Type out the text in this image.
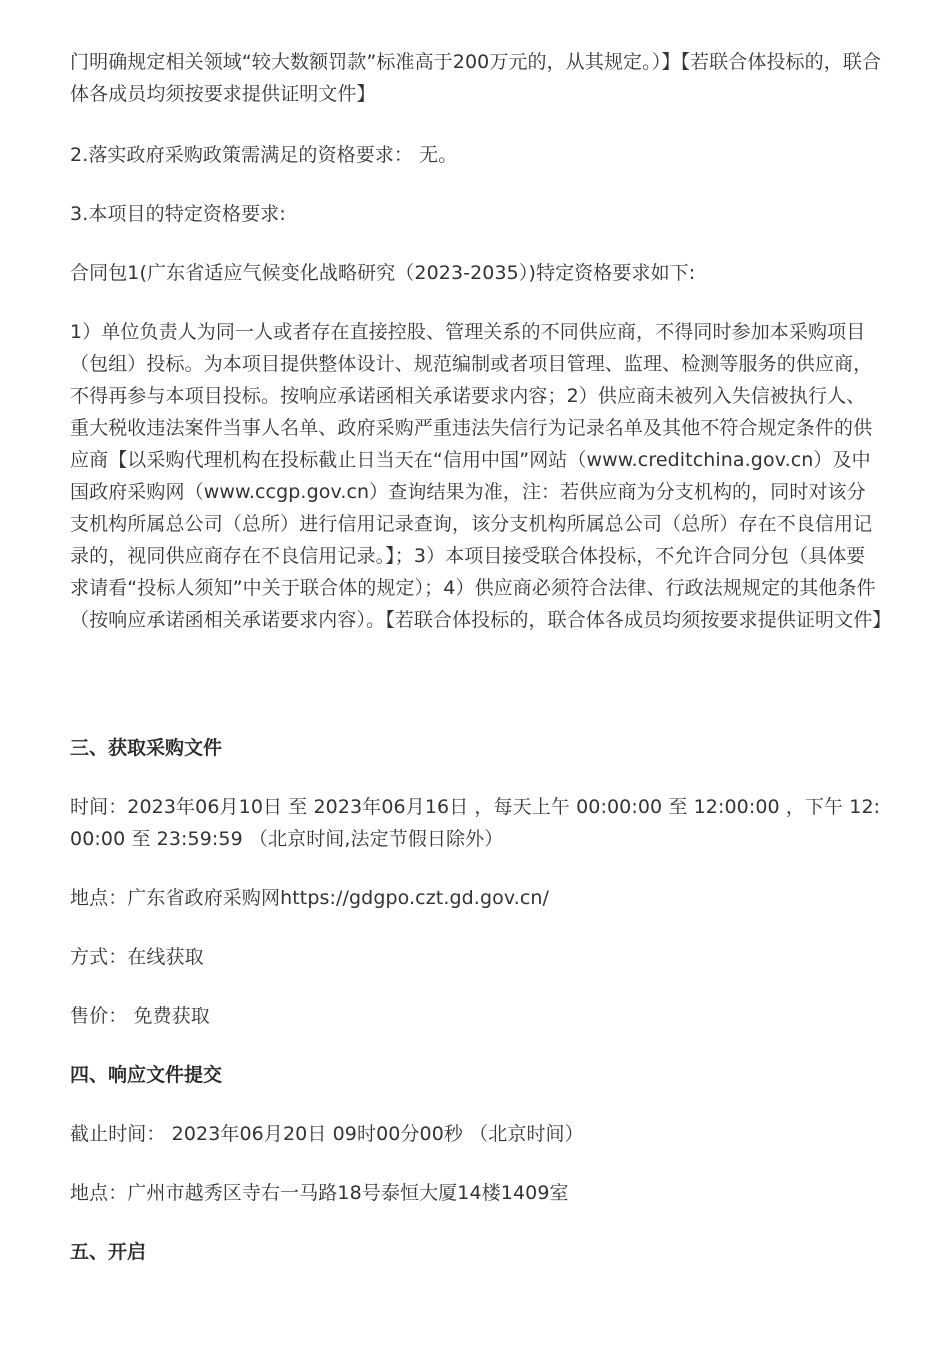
门明确规定相关领域“较大数额罚款”标准高于200万元的，从其规定。）】【若联合体投标的，联合体各成员均须按要求提供证明文件】

2.落实政府采购政策需满足的资格要求： 无。

3.本项目的特定资格要求:

合同包1(广东省适应气候变化战略研究（2023-2035）)特定资格要求如下:

1）单位负责人为同一人或者存在直接控股、管理关系的不同供应商，不得同时参加本采购项目（包组）投标。为本项目提供整体设计、规范编制或者项目管理、监理、检测等服务的供应商，不得再参与本项目投标。按响应承诺函相关承诺要求内容；2）供应商未被列入失信被执行人、重大税收违法案件当事人名单、政府采购严重违法失信行为记录名单及其他不符合规定条件的供应商【以采购代理机构在投标截止日当天在“信用中国”网站（www.creditchina.gov.cn）及中国政府采购网（www.ccgp.gov.cn）查询结果为准，注：若供应商为分支机构的，同时对该分支机构所属总公司（总所）进行信用记录查询，该分支机构所属总公司（总所）存在不良信用记录的，视同供应商存在不良信用记录。】；3）本项目接受联合体投标，不允许合同分包（具体要求请看“投标人须知”中关于联合体的规定）；4）供应商必须符合法律、行政法规规定的其他条件（按响应承诺函相关承诺要求内容）。【若联合体投标的，联合体各成员均须按要求提供证明文件】

三、获取采购文件

时间：2023年06月10日 至 2023年06月16日 ，每天上午 00:00:00 至 12:00:00 ，下午 12:00:00 至 23:59:59 （北京时间,法定节假日除外）

地点：广东省政府采购网https://gdgpo.czt.gd.gov.cn/

方式：在线获取

售价： 免费获取

四、响应文件提交

截止时间： 2023年06月20日 09时00分00秒 （北京时间）

地点：广州市越秀区寺右一马路18号泰恒大厦14楼1409室

五、开启
